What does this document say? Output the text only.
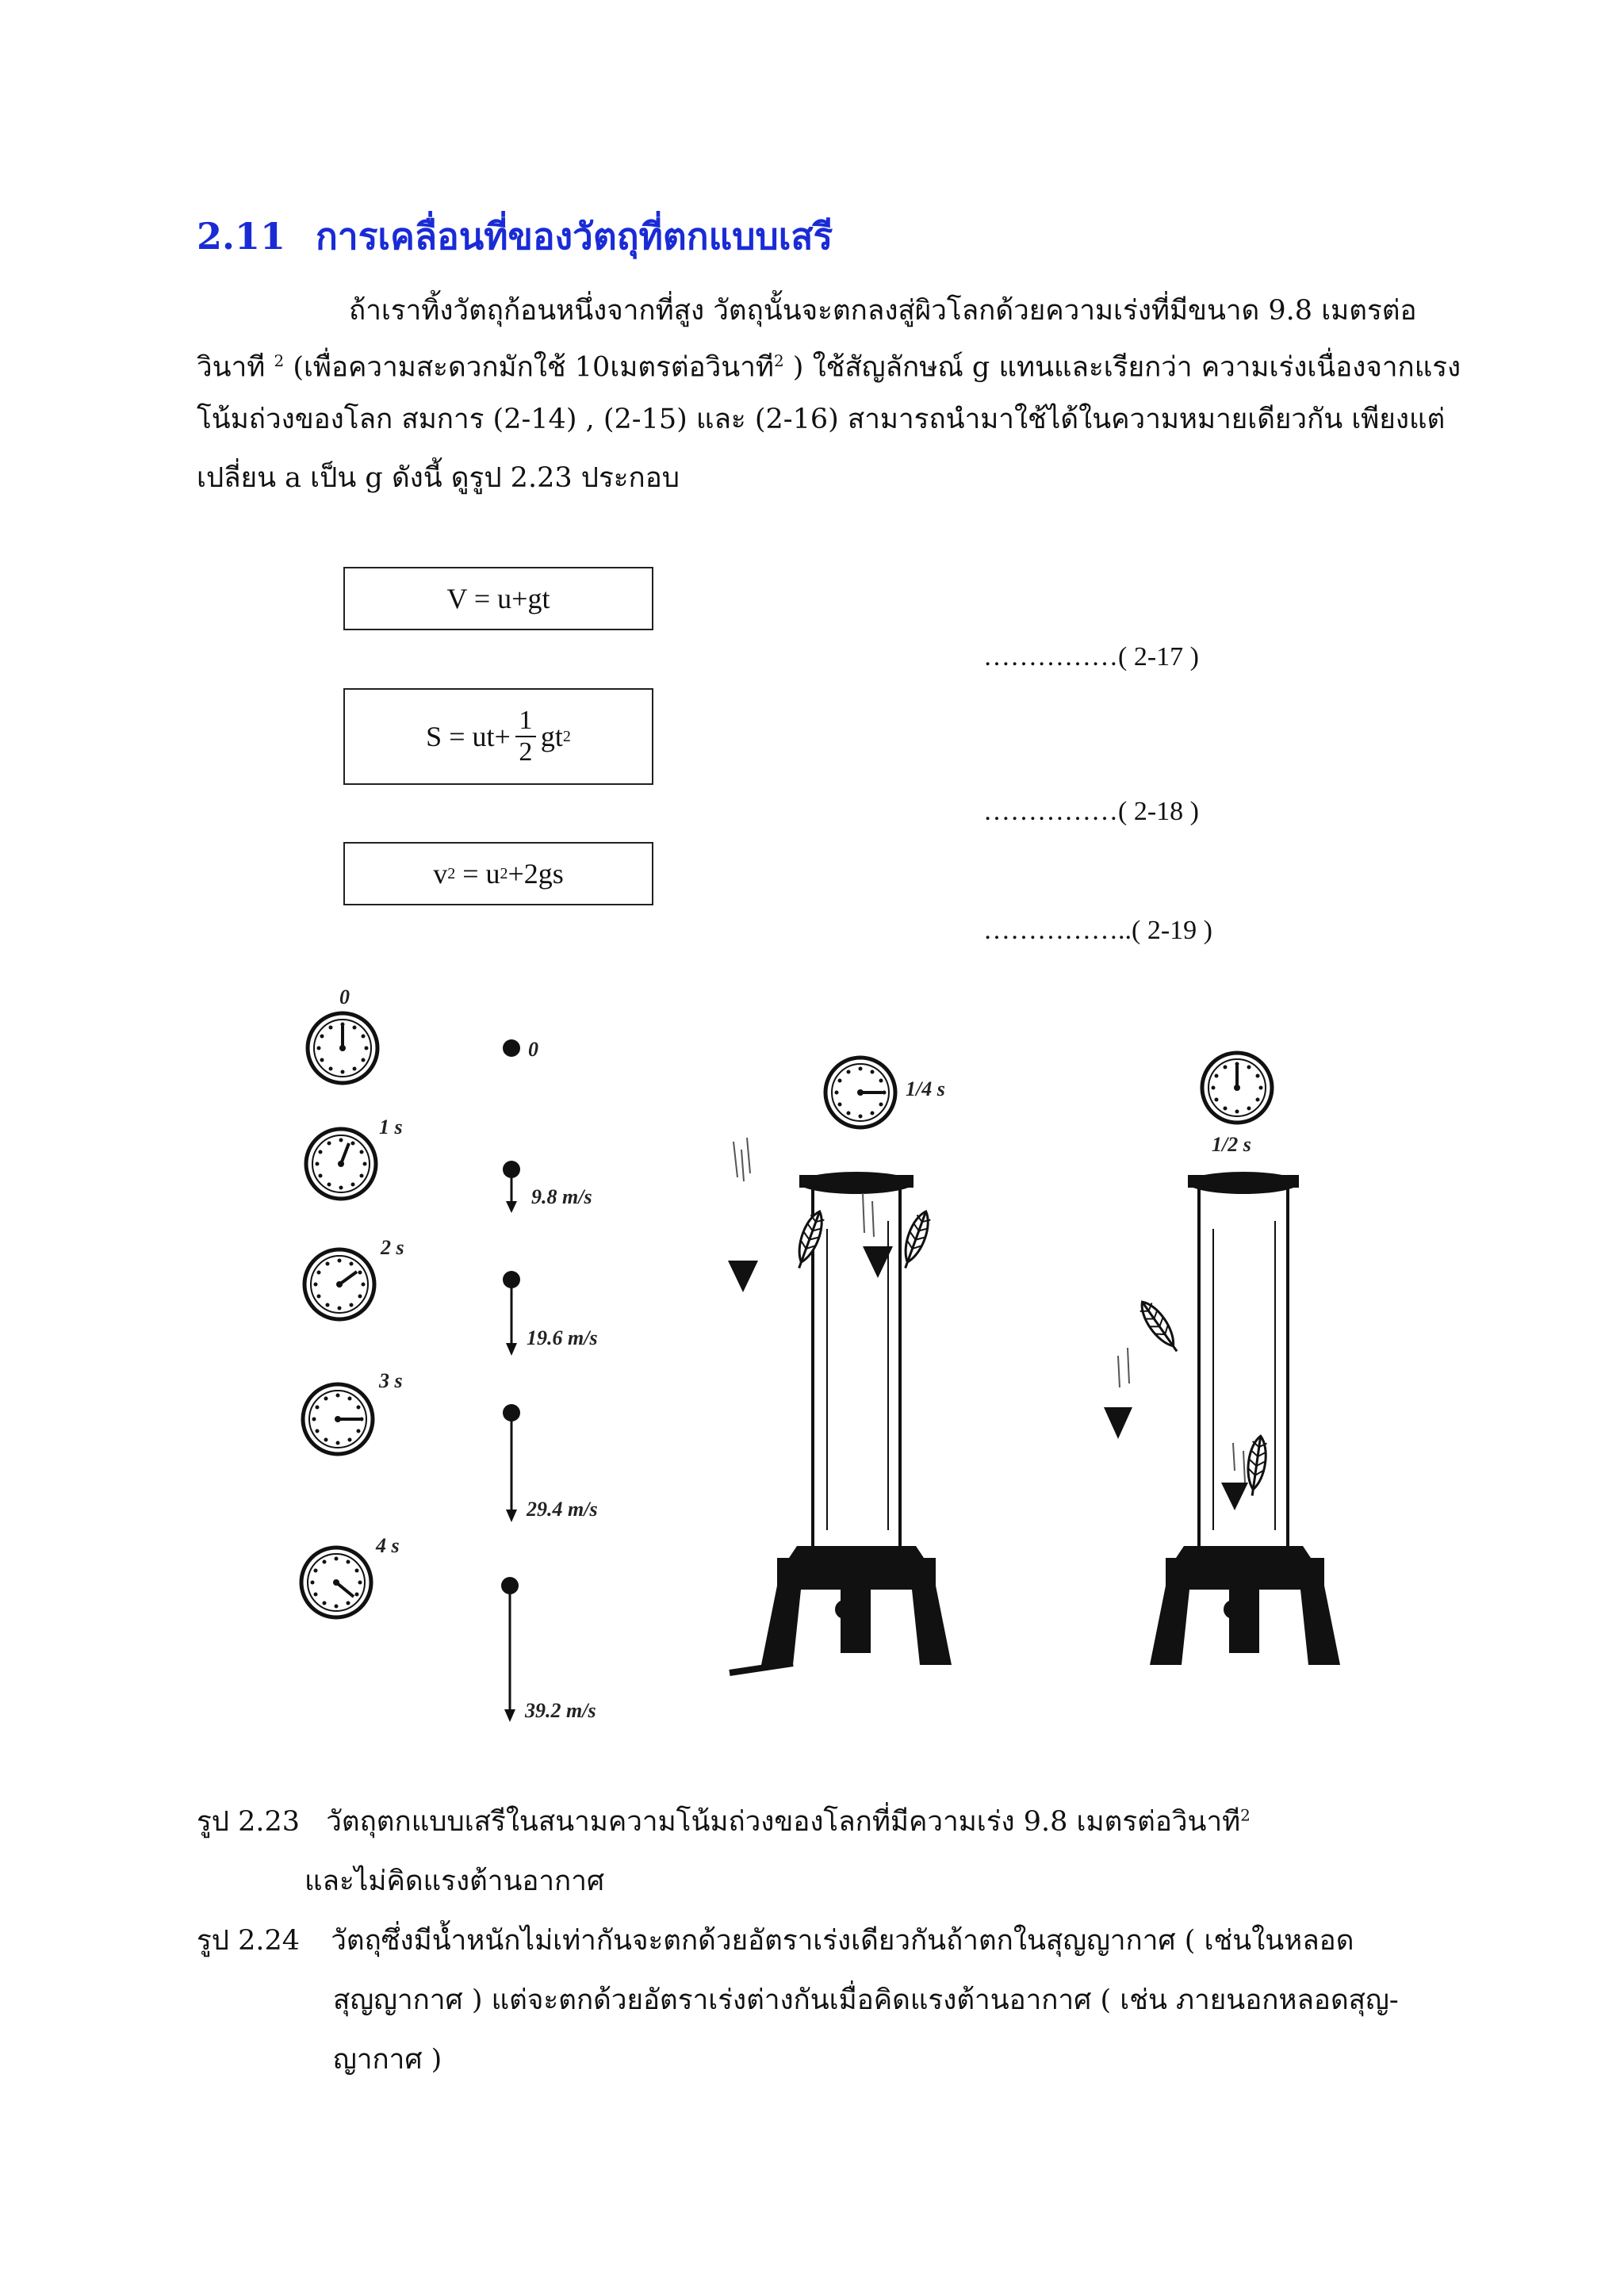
2.11 การเคลื่อนที่ของวัตถุที่ตกแบบเสรี
ถ้าเราทิ้งวัตถุก้อนหนึ่งจากที่สูง วัตถุนั้นจะตกลงสู่ผิวโลกด้วยความเร่งที่มีขนาด 9.8 เมตรต่อ
วินาที $^2$ (เพื่อความสะดวกมักใช้ 10เมตรต่อวินาที$^2$ ) ใช้สัญลักษณ์ g แทนและเรียกว่า ความเร่งเนื่องจากแรง
โน้มถ่วงของโลก สมการ (2-14) , (2-15) และ (2-16) สามารถนำมาใช้ได้ในความหมายเดียวกัน เพียงแต่
เปลี่ยน a เป็น g ดังนี้ ดูรูป 2.23 ประกอบ
V = u+gt
$S = ut+ \frac{1}{2}$ gt 2
v 2 = u 2 +2gs
……………( 2-17 )
……………( 2-18 )
……………..( 2-19 )
0
1 s
2 s
3 s
4 s
0
9.8 m/s
19.6 m/s
29.4 m/s
39.2 m/s
1/4 s
1/2 s
รูป 2.23 วัตถุตกแบบเสรีในสนามความโน้มถ่วงของโลกที่มีความเร่ง 9.8 เมตรต่อวินาที$^2$
และไม่คิดแรงต้านอากาศ
รูป 2.24 วัตถุซึ่งมีน้ำหนักไม่เท่ากันจะตกด้วยอัตราเร่งเดียวกันถ้าตกในสุญญากาศ ( เช่นในหลอด
สุญญากาศ ) แต่จะตกด้วยอัตราเร่งต่างกันเมื่อคิดแรงต้านอากาศ ( เช่น ภายนอกหลอดสุญ-
ญากาศ )
